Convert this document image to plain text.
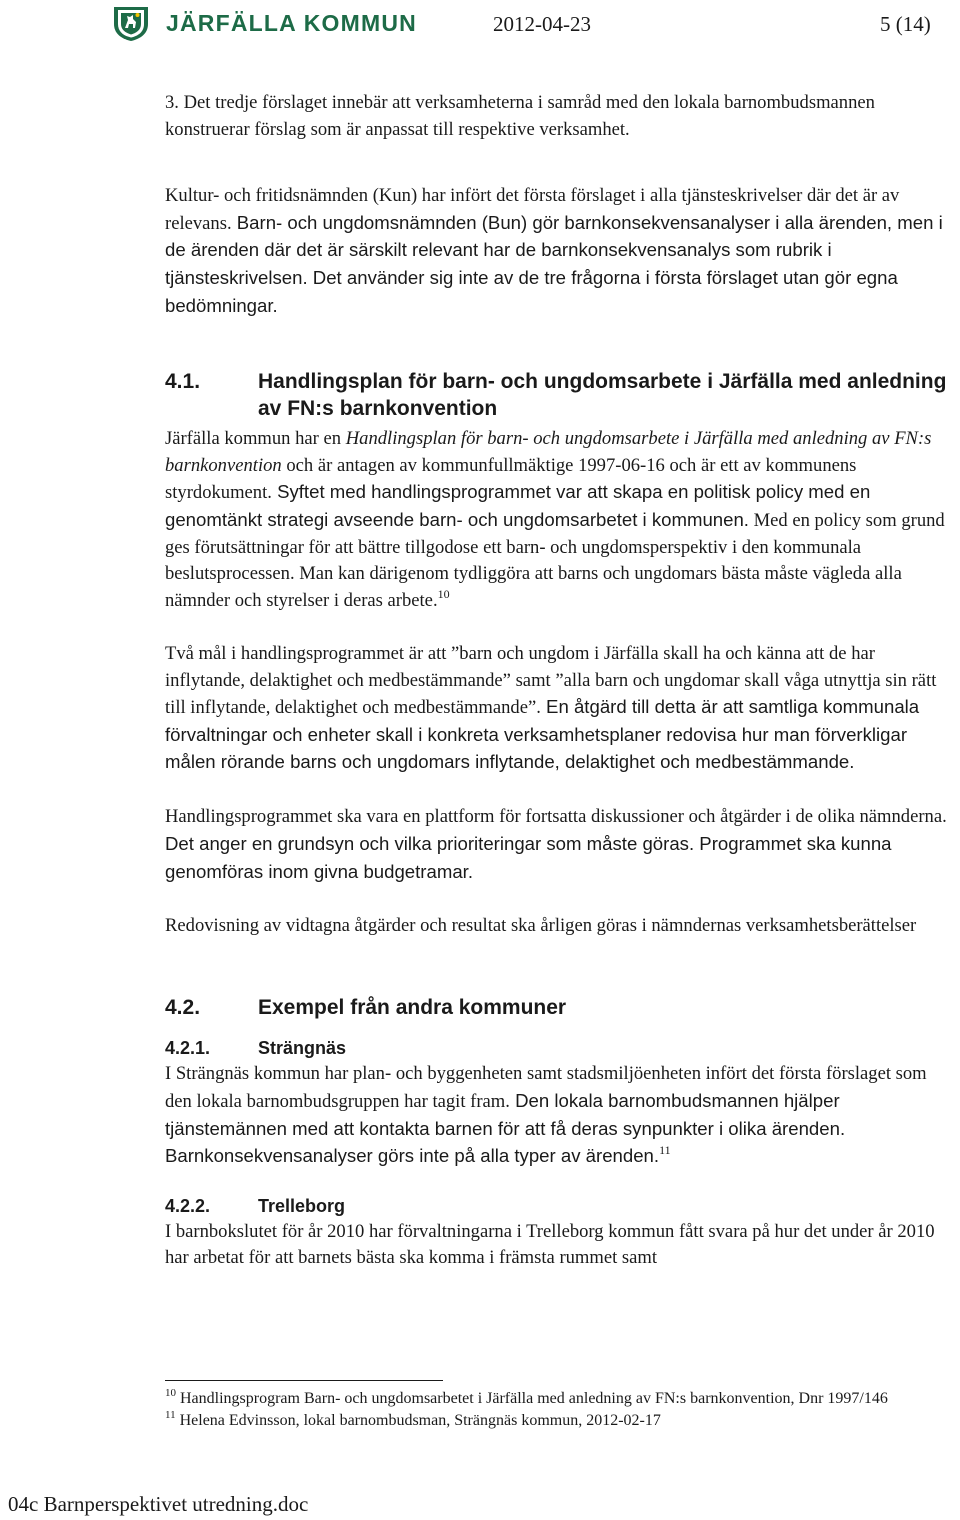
JÄRFÄLLA KOMMUN	2012-04-23	5 (14)

3. Det tredje förslaget innebär att verksamheterna i samråd med den lokala barnombudsmannen konstruerar förslag som är anpassat till respektive verksamhet.

Kultur- och fritidsnämnden (Kun) har infört det första förslaget i alla tjänsteskrivelser där det är av relevans. Barn- och ungdomsnämnden (Bun) gör barnkonsekvensanalyser i alla ärenden, men i de ärenden där det är särskilt relevant har de barnkonsekvensanalys som rubrik i tjänsteskrivelsen. Det använder sig inte av de tre frågorna i första förslaget utan gör egna bedömningar.

4.1.	Handlingsplan för barn- och ungdomsarbete i Järfälla med anledning av FN:s barnkonvention

Järfälla kommun har en Handlingsplan för barn- och ungdomsarbete i Järfälla med anledning av FN:s barnkonvention och är antagen av kommunfullmäktige 1997-06-16 och är ett av kommunens styrdokument. Syftet med handlingsprogrammet var att skapa en politisk policy med en genomtänkt strategi avseende barn- och ungdomsarbetet i kommunen. Med en policy som grund ges förutsättningar för att bättre tillgodose ett barn- och ungdomsperspektiv i den kommunala beslutsprocessen. Man kan därigenom tydliggöra att barns och ungdomars bästa måste vägleda alla nämnder och styrelser i deras arbete.$^{10}$

Två mål i handlingsprogrammet är att ”barn och ungdom i Järfälla skall ha och känna att de har inflytande, delaktighet och medbestämmande” samt ”alla barn och ungdomar skall våga utnyttja sin rätt till inflytande, delaktighet och medbestämmande”. En åtgärd till detta är att samtliga kommunala förvaltningar och enheter skall i konkreta verksamhetsplaner redovisa hur man förverkligar målen rörande barns och ungdomars inflytande, delaktighet och medbestämmande.

Handlingsprogrammet ska vara en plattform för fortsatta diskussioner och åtgärder i de olika nämnderna. Det anger en grundsyn och vilka prioriteringar som måste göras. Programmet ska kunna genomföras inom givna budgetramar.

Redovisning av vidtagna åtgärder och resultat ska årligen göras i nämndernas verksamhetsberättelser

4.2.	Exempel från andra kommuner
4.2.1.	Strängnäs

I Strängnäs kommun har plan- och byggenheten samt stadsmiljöenheten infört det första förslaget som den lokala barnombudsgruppen har tagit fram. Den lokala barnombudsmannen hjälper tjänstemännen med att kontakta barnen för att få deras synpunkter i olika ärenden. Barnkonsekvensanalyser görs inte på alla typer av ärenden.$^{11}$

4.2.2.	Trelleborg

I barnbokslutet för år 2010 har förvaltningarna i Trelleborg kommun fått svara på hur det under år 2010 har arbetat för att barnets bästa ska komma i främsta rummet samt

$^{10}$ Handlingsprogram Barn- och ungdomsarbetet i Järfälla med anledning av FN:s barnkonvention, Dnr 1997/146
$^{11}$ Helena Edvinsson, lokal barnombudsman, Strängnäs kommun, 2012-02-17
04c Barnperspektivet utredning.doc
